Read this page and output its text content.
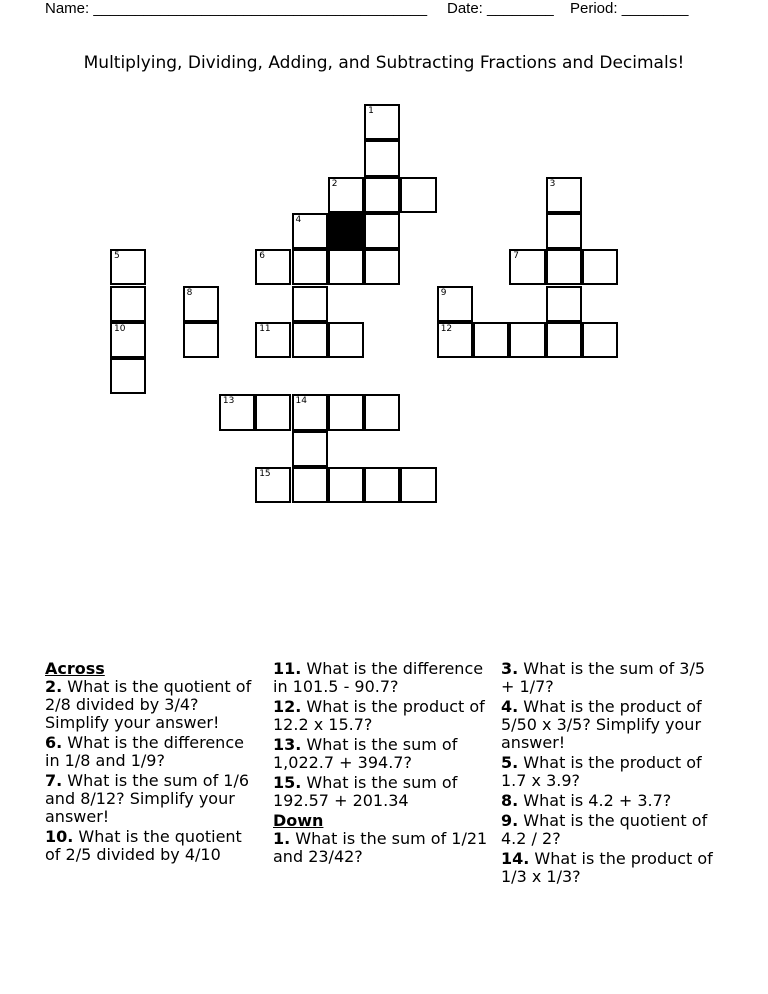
Name: ________________________________________ Date: ________ Period: ________
Multiplying, Dividing, Adding, and Subtracting Fractions and Decimals!
1
2	3
4
5	6	7
8	9
10	11	12
13	14
15
Across
2. What is the quotient of 2/8 divided by 3/4? Simplify your answer!
6. What is the difference in 1/8 and 1/9?
7. What is the sum of 1/6 and 8/12? Simplify your answer!
10. What is the quotient of 2/5 divided by 4/10
11. What is the difference in 101.5 - 90.7?
12. What is the product of 12.2 x 15.7?
13. What is the sum of 1,022.7 + 394.7?
15. What is the sum of 192.57 + 201.34
Down
1. What is the sum of 1/21 and 23/42?
3. What is the sum of 3/5 + 1/7?
4. What is the product of 5/50 x 3/5? Simplify your answer!
5. What is the product of 1.7 x 3.9?
8. What is 4.2 + 3.7?
9. What is the quotient of 4.2 / 2?
14. What is the product of 1/3 x 1/3?
